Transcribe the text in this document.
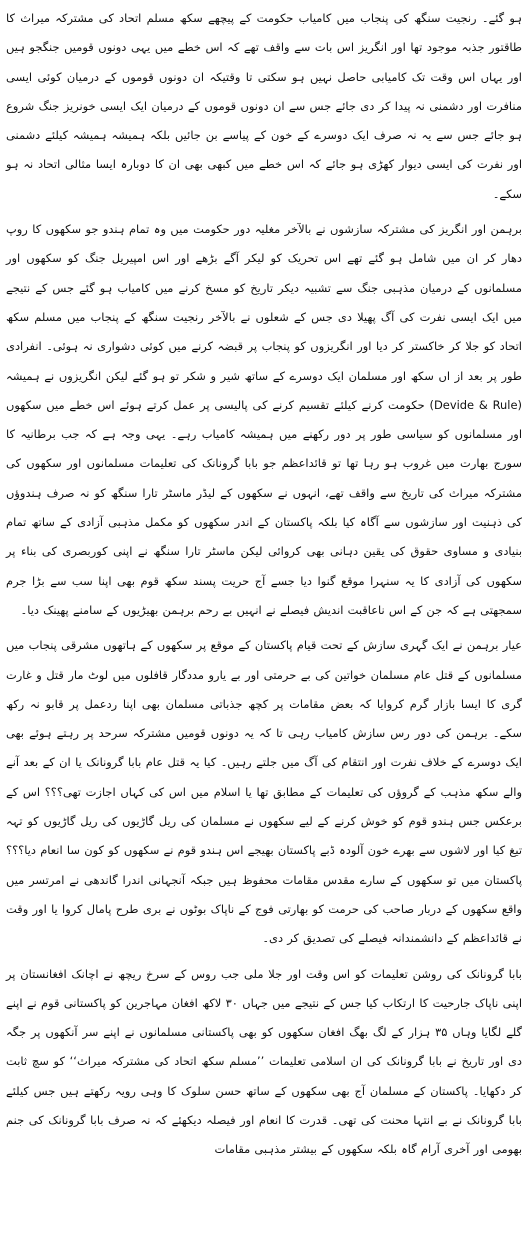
ہو گئے۔ رنجیت سنگھ کی پنجاب میں کامیاب حکومت کے پیچھے سکھ مسلم اتحاد کی مشترکہ میراث کا طاقتور جذبہ موجود تھا اور انگریز اس بات سے واقف تھے کہ اس خطے میں یہی دونوں قومیں جنگجو ہیں اور یہاں اس وقت تک کامیابی حاصل نہیں ہو سکتی تا وقتیکہ ان دونوں قوموں کے درمیان کوئی ایسی منافرت اور دشمنی نہ پیدا کر دی جائے جس سے ان دونوں قوموں کے درمیان ایک ایسی خونریز جنگ شروع ہو جائے جس سے یہ نہ صرف ایک دوسرے کے خون کے پیاسے بن جائیں بلکہ ہمیشہ ہمیشہ کیلئے دشمنی اور نفرت کی ایسی دیوار کھڑی ہو جائے کہ اس خطے میں کبھی بھی ان کا دوبارہ ایسا مثالی اتحاد نہ ہو سکے۔

برہمن اور انگریز کی مشترکہ سازشوں نے بالآخر مغلیہ دور حکومت میں وہ تمام ہندو جو سکھوں کا روپ دھار کر ان میں شامل ہو گئے تھے اس تحریک کو لیکر آگے بڑھے اور اس امپیریل جنگ کو سکھوں اور مسلمانوں کے درمیان مذہبی جنگ سے تشبیہ دیکر تاریخ کو مسخ کرنے میں کامیاب ہو گئے جس کے نتیجے میں ایک ایسی نفرت کی آگ پھیلا دی جس کے شعلوں نے بالآخر رنجیت سنگھ کے پنجاب میں مسلم سکھ اتحاد کو جلا کر خاکستر کر دیا اور انگریزوں کو پنجاب پر قبضہ کرنے میں کوئی دشواری نہ ہوئی۔ انفرادی طور پر بعد از اں سکھ اور مسلمان ایک دوسرے کے ساتھ شیر و شکر تو ہو گئے لیکن انگریزوں نے ہمیشہ (Devide & Rule) حکومت کرنے کیلئے تقسیم کرنے کی پالیسی پر عمل کرتے ہوئے اس خطے میں سکھوں اور مسلمانوں کو سیاسی طور پر دور رکھنے میں ہمیشہ کامیاب رہے۔ یہی وجہ ہے کہ جب برطانیہ کا سورج بھارت میں غروب ہو رہا تھا تو قائداعظم جو بابا گرونانک کی تعلیمات مسلمانوں اور سکھوں کی مشترکہ میراث کی تاریخ سے واقف تھے، انہوں نے سکھوں کے لیڈر ماسٹر تارا سنگھ کو نہ صرف ہندوؤں کی ذہنیت اور سازشوں سے آگاہ کیا بلکہ پاکستان کے اندر سکھوں کو مکمل مذہبی آزادی کے ساتھ تمام بنیادی و مساوی حقوق کی یقین دہانی بھی کروائی لیکن ماسٹر تارا سنگھ نے اپنی کوربصری کی بناء پر سکھوں کی آزادی کا یہ سنہرا موقع گنوا دیا جسے آج حریت پسند سکھ قوم بھی اپنا سب سے بڑا جرم سمجھتی ہے کہ جن کے اس ناعاقبت اندیش فیصلے نے انہیں بے رحم برہمن بھیڑیوں کے سامنے پھینک دیا۔

عیار برہمن نے ایک گہری سازش کے تحت قیام پاکستان کے موقع پر سکھوں کے ہاتھوں مشرقی پنجاب میں مسلمانوں کے قتل عام مسلمان خواتین کی بے حرمتی اور بے یارو مددگار قافلوں میں لوٹ مار قتل و غارت گری کا ایسا بازار گرم کروایا کہ بعض مقامات پر کچھ جذباتی مسلمان بھی اپنا ردعمل پر قابو نہ رکھ سکے۔ برہمن کی دور رس سازش کامیاب رہی تا کہ یہ دونوں قومیں مشترکہ سرحد پر رہتے ہوئے بھی ایک دوسرے کے خلاف نفرت اور انتقام کی آگ میں جلتے رہیں۔ کیا یہ قتل عام بابا گرونانک یا ان کے بعد آنے والے سکھ مذہب کے گروؤں کی تعلیمات کے مطابق تھا یا اسلام میں اس کی کہاں اجازت تھی؟؟؟ اس کے برعکس جس ہندو قوم کو خوش کرنے کے لیے سکھوں نے مسلمان کی ریل گاڑیوں کی ریل گاڑیوں کو تہہ تیغ کیا اور لاشوں سے بھرے خون آلودہ ڈبے پاکستان بھیجے اس ہندو قوم نے سکھوں کو کون سا انعام دیا؟؟؟ پاکستان میں تو سکھوں کے سارے مقدس مقامات محفوظ ہیں جبکہ آنجہانی اندرا گاندھی نے امرتسر میں واقع سکھوں کے دربار صاحب کی حرمت کو بھارتی فوج کے ناپاک بوٹوں نے بری طرح پامال کروا یا اور وقت نے قائداعظم کے دانشمندانہ فیصلے کی تصدیق کر دی۔

بابا گرونانک کی روشن تعلیمات کو اس وقت اور جلا ملی جب روس کے سرخ ریچھ نے اچانک افغانستان پر اپنی ناپاک جارحیت کا ارتکاب کیا جس کے نتیجے میں جہاں ۳۰ لاکھ افغان مہاجرین کو پاکستانی قوم نے اپنے گلے لگایا وہاں ۳۵ ہزار کے لگ بھگ افغان سکھوں کو بھی پاکستانی مسلمانوں نے اپنے سر آنکھوں پر جگہ دی اور تاریخ نے بابا گرونانک کی ان اسلامی تعلیمات ’’مسلم سکھ اتحاد کی مشترکہ میراث‘‘ کو سچ ثابت کر دکھایا۔ پاکستان کے مسلمان آج بھی سکھوں کے ساتھ حسن سلوک کا وہی رویہ رکھتے ہیں جس کیلئے بابا گرونانک نے بے انتہا محنت کی تھی۔ قدرت کا انعام اور فیصلہ دیکھئے کہ نہ صرف بابا گرونانک کی جنم بھومی اور آخری آرام گاہ بلکہ سکھوں کے بیشتر مذہبی مقامات
